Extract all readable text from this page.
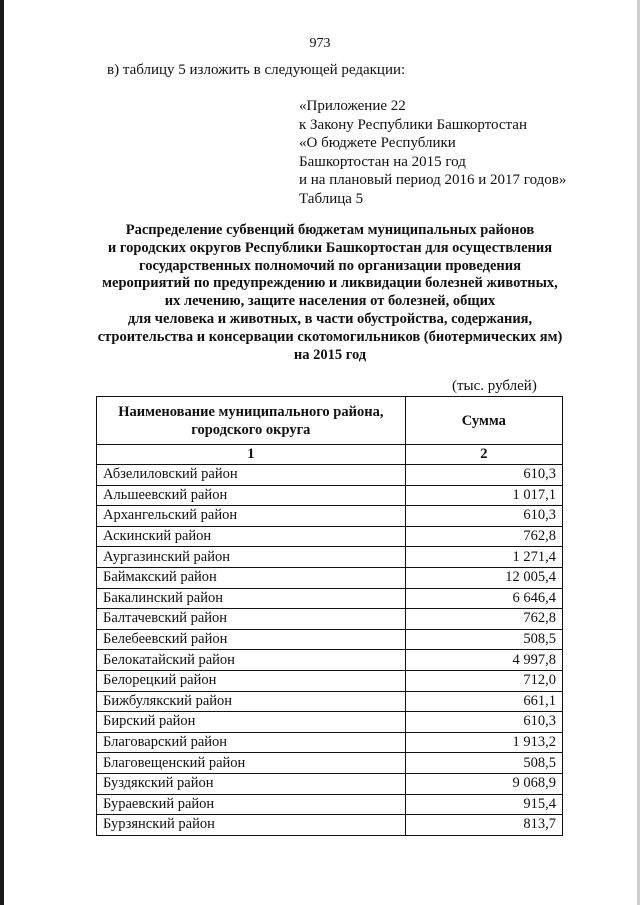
973
в) таблицу 5 изложить в следующей редакции:
«Приложение 22
к Закону Республики Башкортостан
«О бюджете Республики
Башкортостан на 2015 год
и на плановый период 2016 и 2017 годов»
Таблица 5
Распределение субвенций бюджетам муниципальных районов
и городских округов Республики Башкортостан для осуществления
государственных полномочий по организации проведения
мероприятий по предупреждению и ликвидации болезней животных,
их лечению, защите населения от болезней, общих
для человека и животных, в части обустройства, содержания,
строительства и консервации скотомогильников (биотермических ям)
на 2015 год
(тыс. рублей)
Наименование муниципального района,
городского округа	Сумма
1	2
Абзелиловский район	610,3
Альшеевский район	1 017,1
Архангельский район	610,3
Аскинский район	762,8
Аургазинский район	1 271,4
Баймакский район	12 005,4
Бакалинский район	6 646,4
Балтачевский район	762,8
Белебеевский район	508,5
Белокатайский район	4 997,8
Белорецкий район	712,0
Бижбулякский район	661,1
Бирский район	610,3
Благоварский район	1 913,2
Благовещенский район	508,5
Буздякский район	9 068,9
Бураевский район	915,4
Бурзянский район	813,7
